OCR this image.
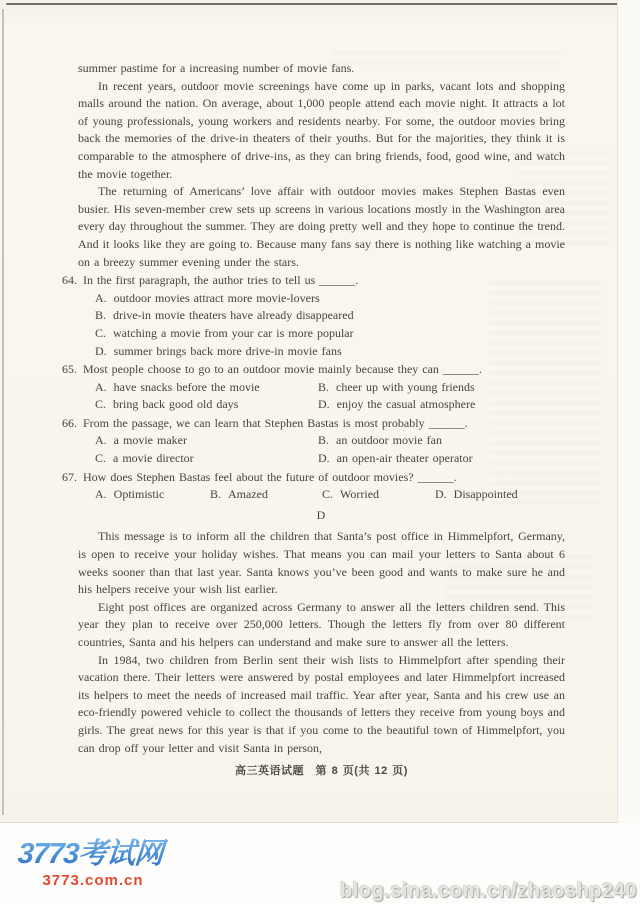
summer pastime for a increasing number of movie fans.

In recent years, outdoor movie screenings have come up in parks, vacant lots and shopping malls around the nation. On average, about 1,000 people attend each movie night. It attracts a lot of young professionals, young workers and residents nearby. For some, the outdoor movies bring back the memories of the drive-in theaters of their youths. But for the majorities, they think it is comparable to the atmosphere of drive-ins, as they can bring friends, food, good wine, and watch the movie together.

The returning of Americans’ love affair with outdoor movies makes Stephen Bastas even busier. His seven-member crew sets up screens in various locations mostly in the Washington area every day throughout the summer. They are doing pretty well and they hope to continue the trend. And it looks like they are going to. Because many fans say there is nothing like watching a movie on a breezy summer evening under the stars.

64. In the first paragraph, the author tries to tell us ______.
A. outdoor movies attract more movie-lovers
B. drive-in movie theaters have already disappeared
C. watching a movie from your car is more popular
D. summer brings back more drive-in movie fans
65. Most people choose to go to an outdoor movie mainly because they can ______.
A. have snacks before the movie	B. cheer up with young friends
C. bring back good old days	D. enjoy the casual atmosphere
66. From the passage, we can learn that Stephen Bastas is most probably ______.
A. a movie maker	B. an outdoor movie fan
C. a movie director	D. an open-air theater operator
67. How does Stephen Bastas feel about the future of outdoor movies? ______.
A. Optimistic	B. Amazed	C. Worried	D. Disappointed
D

This message is to inform all the children that Santa’s post office in Himmelpfort, Germany, is open to receive your holiday wishes. That means you can mail your letters to Santa about 6 weeks sooner than that last year. Santa knows you’ve been good and wants to make sure he and his helpers receive your wish list earlier.

Eight post offices are organized across Germany to answer all the letters children send. This year they plan to receive over 250,000 letters. Though the letters fly from over 80 different countries, Santa and his helpers can understand and make sure to answer all the letters.

In 1984, two children from Berlin sent their wish lists to Himmelpfort after spending their vacation there. Their letters were answered by postal employees and later Himmelpfort increased its helpers to meet the needs of increased mail traffic. Year after year, Santa and his crew use an eco-friendly powered vehicle to collect the thousands of letters they receive from young boys and girls. The great news for this year is that if you come to the beautiful town of Himmelpfort, you can drop off your letter and visit Santa in person,

高三英语试题　第 8 页(共 12 页)
3773考试网
3773.com.cn	blog.sina.com.cn/zhaoshp240
